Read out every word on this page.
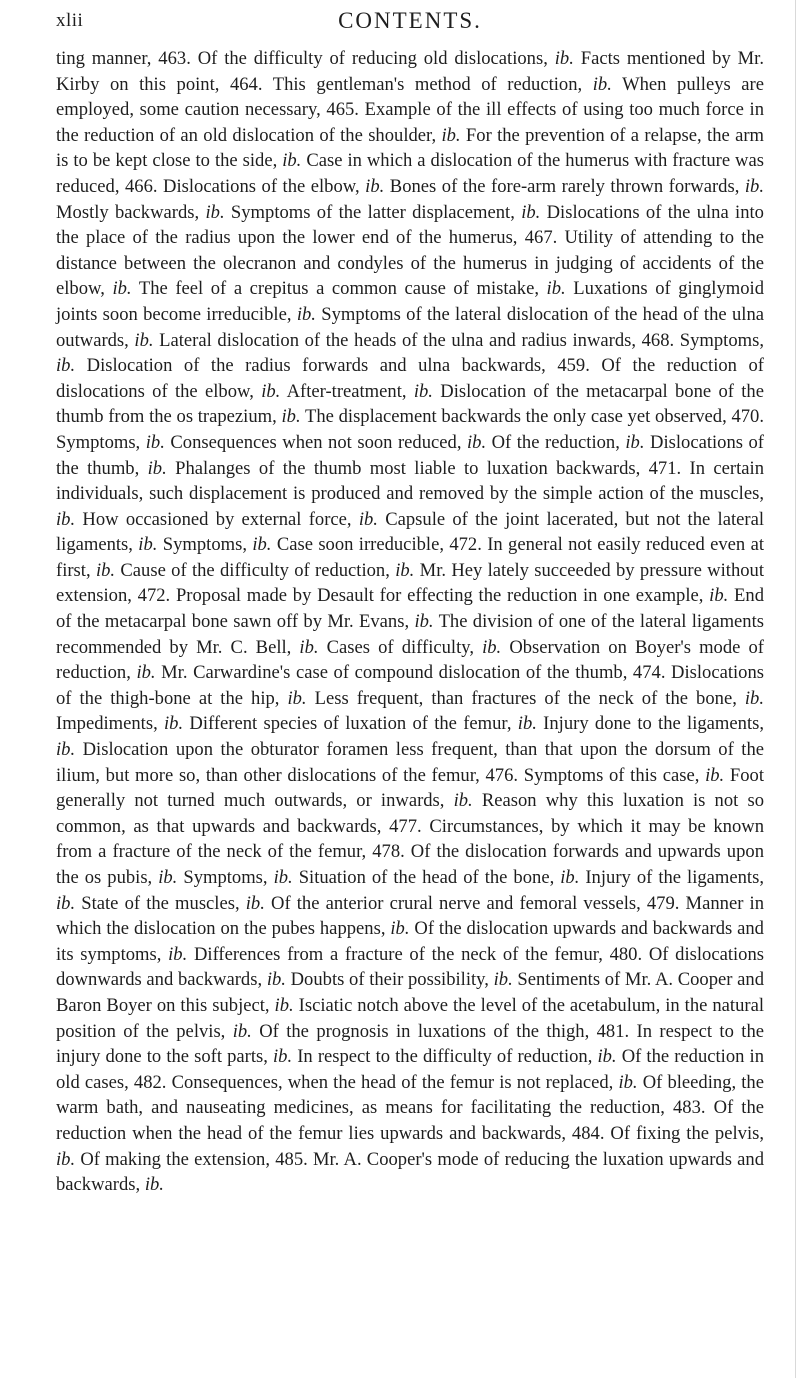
xlii	CONTENTS.
ting manner, 463. Of the difficulty of reducing old dislocations, ib. Facts mentioned by Mr. Kirby on this point, 464. This gentleman's method of reduction, ib. When pulleys are employed, some caution necessary, 465. Example of the ill effects of using too much force in the reduction of an old dislocation of the shoulder, ib. For the prevention of a relapse, the arm is to be kept close to the side, ib. Case in which a dislocation of the humerus with fracture was reduced, 466. Dislocations of the elbow, ib. Bones of the fore-arm rarely thrown forwards, ib. Mostly backwards, ib. Symptoms of the latter displacement, ib. Dislocations of the ulna into the place of the radius upon the lower end of the humerus, 467. Utility of attending to the distance between the olecranon and condyles of the humerus in judging of accidents of the elbow, ib. The feel of a crepitus a common cause of mistake, ib. Luxations of ginglymoid joints soon become irreducible, ib. Symptoms of the lateral dislocation of the head of the ulna outwards, ib. Lateral dislocation of the heads of the ulna and radius inwards, 468. Symptoms, ib. Dislocation of the radius forwards and ulna backwards, 459. Of the reduction of dislocations of the elbow, ib. After-treatment, ib. Dislocation of the metacarpal bone of the thumb from the os trapezium, ib. The displacement backwards the only case yet observed, 470. Symptoms, ib. Consequences when not soon reduced, ib. Of the reduction, ib. Dislocations of the thumb, ib. Phalanges of the thumb most liable to luxation backwards, 471. In certain individuals, such displacement is produced and removed by the simple action of the muscles, ib. How occasioned by external force, ib. Capsule of the joint lacerated, but not the lateral ligaments, ib. Symptoms, ib. Case soon irreducible, 472. In general not easily reduced even at first, ib. Cause of the difficulty of reduction, ib. Mr. Hey lately succeeded by pressure without extension, 472. Proposal made by Desault for effecting the reduction in one example, ib. End of the metacarpal bone sawn off by Mr. Evans, ib. The division of one of the lateral ligaments recommended by Mr. C. Bell, ib. Cases of difficulty, ib. Observation on Boyer's mode of reduction, ib. Mr. Carwardine's case of compound dislocation of the thumb, 474. Dislocations of the thigh-bone at the hip, ib. Less frequent, than fractures of the neck of the bone, ib. Impediments, ib. Different species of luxation of the femur, ib. Injury done to the ligaments, ib. Dislocation upon the obturator foramen less frequent, than that upon the dorsum of the ilium, but more so, than other dislocations of the femur, 476. Symptoms of this case, ib. Foot generally not turned much outwards, or inwards, ib. Reason why this luxation is not so common, as that upwards and backwards, 477. Circumstances, by which it may be known from a fracture of the neck of the femur, 478. Of the dislocation forwards and upwards upon the os pubis, ib. Symptoms, ib. Situation of the head of the bone, ib. Injury of the ligaments, ib. State of the muscles, ib. Of the anterior crural nerve and femoral vessels, 479. Manner in which the dislocation on the pubes happens, ib. Of the dislocation upwards and backwards and its symptoms, ib. Differences from a fracture of the neck of the femur, 480. Of dislocations downwards and backwards, ib. Doubts of their possibility, ib. Sentiments of Mr. A. Cooper and Baron Boyer on this subject, ib. Isciatic notch above the level of the acetabulum, in the natural position of the pelvis, ib. Of the prognosis in luxations of the thigh, 481. In respect to the injury done to the soft parts, ib. In respect to the difficulty of reduction, ib. Of the reduction in old cases, 482. Consequences, when the head of the femur is not replaced, ib. Of bleeding, the warm bath, and nauseating medicines, as means for facilitating the reduction, 483. Of the reduction when the head of the femur lies upwards and backwards, 484. Of fixing the pelvis, ib. Of making the extension, 485. Mr. A. Cooper's mode of reducing the luxation upwards and backwards, ib.
